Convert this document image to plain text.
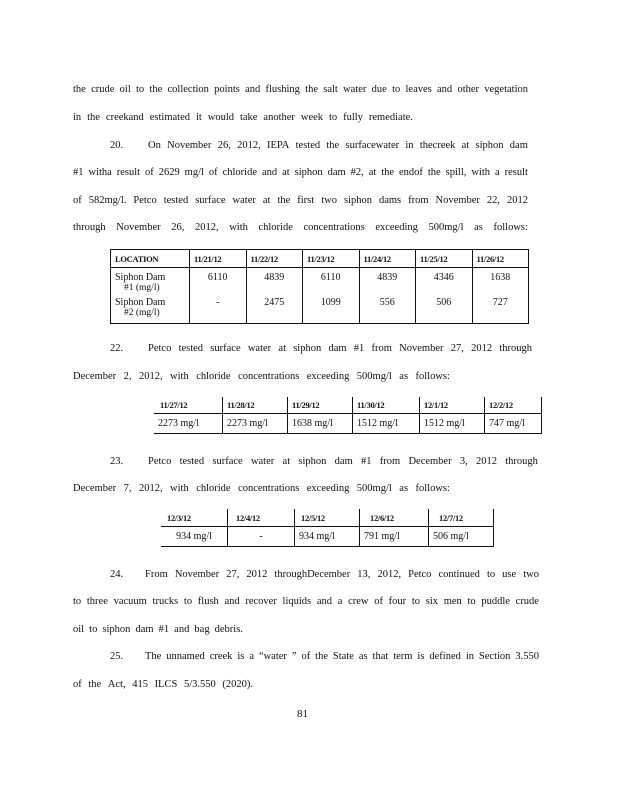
the crude oil to the collection points and flushing the salt water due to leaves and other vegetation
in the creekand estimated it would take another week to fully remediate.
20. On November 26, 2012, IEPA tested the surfacewater in thecreek at siphon dam
#1 witha result of 2629 mg/l of chloride and at siphon dam #2, at the endof the spill, with a result
of 582mg/l. Petco tested surface water at the first two siphon dams from November 22, 2012
through November 26, 2012, with chloride concentrations exceeding 500mg/l as follows:
LOCATION	11/21/12	11/22/12	11/23/12	11/24/12	11/25/12	11/26/12

Siphon Dam
#1 (mg/l)	6110	4839	6110	4839	4346	1638

Siphon Dam
#2 (mg/l)	-	2475	1099	556	506	727
22. Petco tested surface water at siphon dam #1 from November 27, 2012 through
December 2, 2012, with chloride concentrations exceeding 500mg/l as follows:
11/27/12	11/28/12	11/29/12	11/30/12	12/1/12	12/2/12
2273 mg/l	2273 mg/l	1638 mg/l	1512 mg/l	1512 mg/l	747 mg/l
23. Petco tested surface water at siphon dam #1 from December 3, 2012 through
December 7, 2012, with chloride concentrations exceeding 500mg/l as follows:
12/3/12	12/4/12	12/5/12	12/6/12	12/7/12
934 mg/l	-	934 mg/l	791 mg/l	506 mg/l
24. From November 27, 2012 throughDecember 13, 2012, Petco continued to use two
to three vacuum trucks to flush and recover liquids and a crew of four to six men to puddle crude
oil to siphon dam #1 and bag debris.
25. The unnamed creek is a “water ” of the State as that term is defined in Section 3.550
of the Act, 415 ILCS 5/3.550 (2020).
81
